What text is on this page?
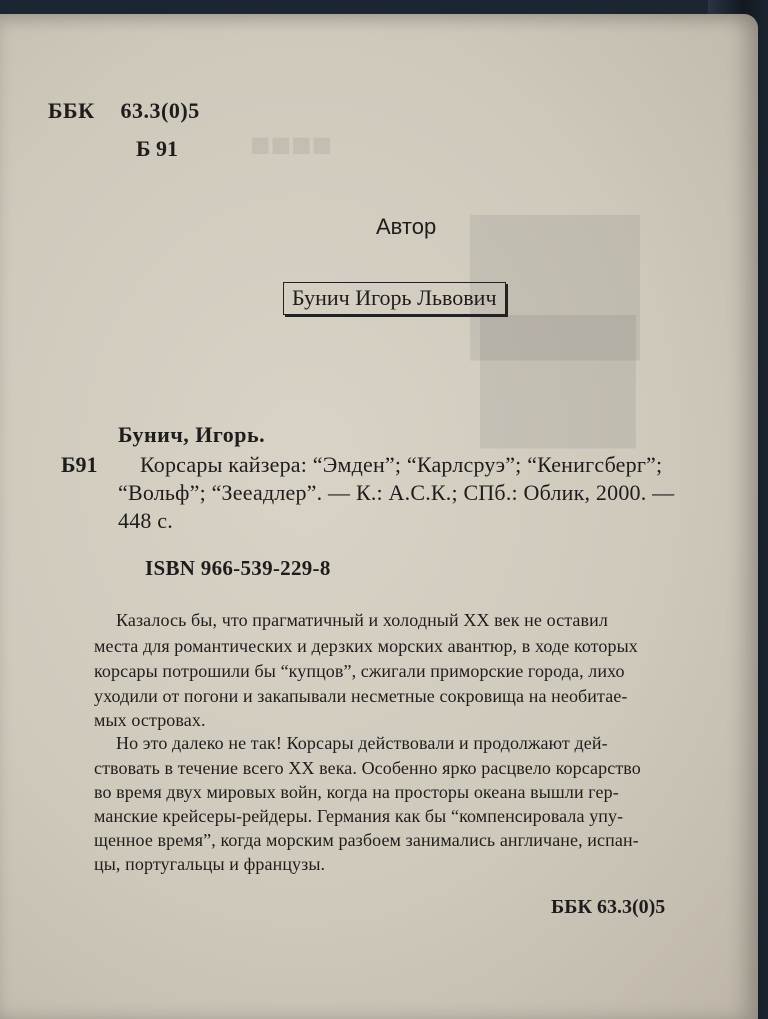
■■■■
██
██
ББК 63.3(0)5
Б 91
Автор
Бунич Игорь Львович
Бунич, Игорь.
Б91 Корсары кайзера: “Эмден”; “Карлсруэ”; “Кенигсберг”;
“Вольф”; “Зееадлер”. — К.: А.С.К.; СПб.: Облик, 2000. —
448 с.
ISBN 966-539-229-8
Казалось бы, что прагматичный и холодный XX век не оставил
места для романтических и дерзких морских авантюр, в ходе которых
корсары потрошили бы “купцов”, сжигали приморские города, лихо
уходили от погони и закапывали несметные сокровища на необитае-
мых островах.
Но это далеко не так! Корсары действовали и продолжают дей-
ствовать в течение всего XX века. Особенно ярко расцвело корсарство
во время двух мировых войн, когда на просторы океана вышли гер-
манские крейсеры-рейдеры. Германия как бы “компенсировала упу-
щенное время”, когда морским разбоем занимались англичане, испан-
цы, португальцы и французы.
ББК 63.3(0)5
